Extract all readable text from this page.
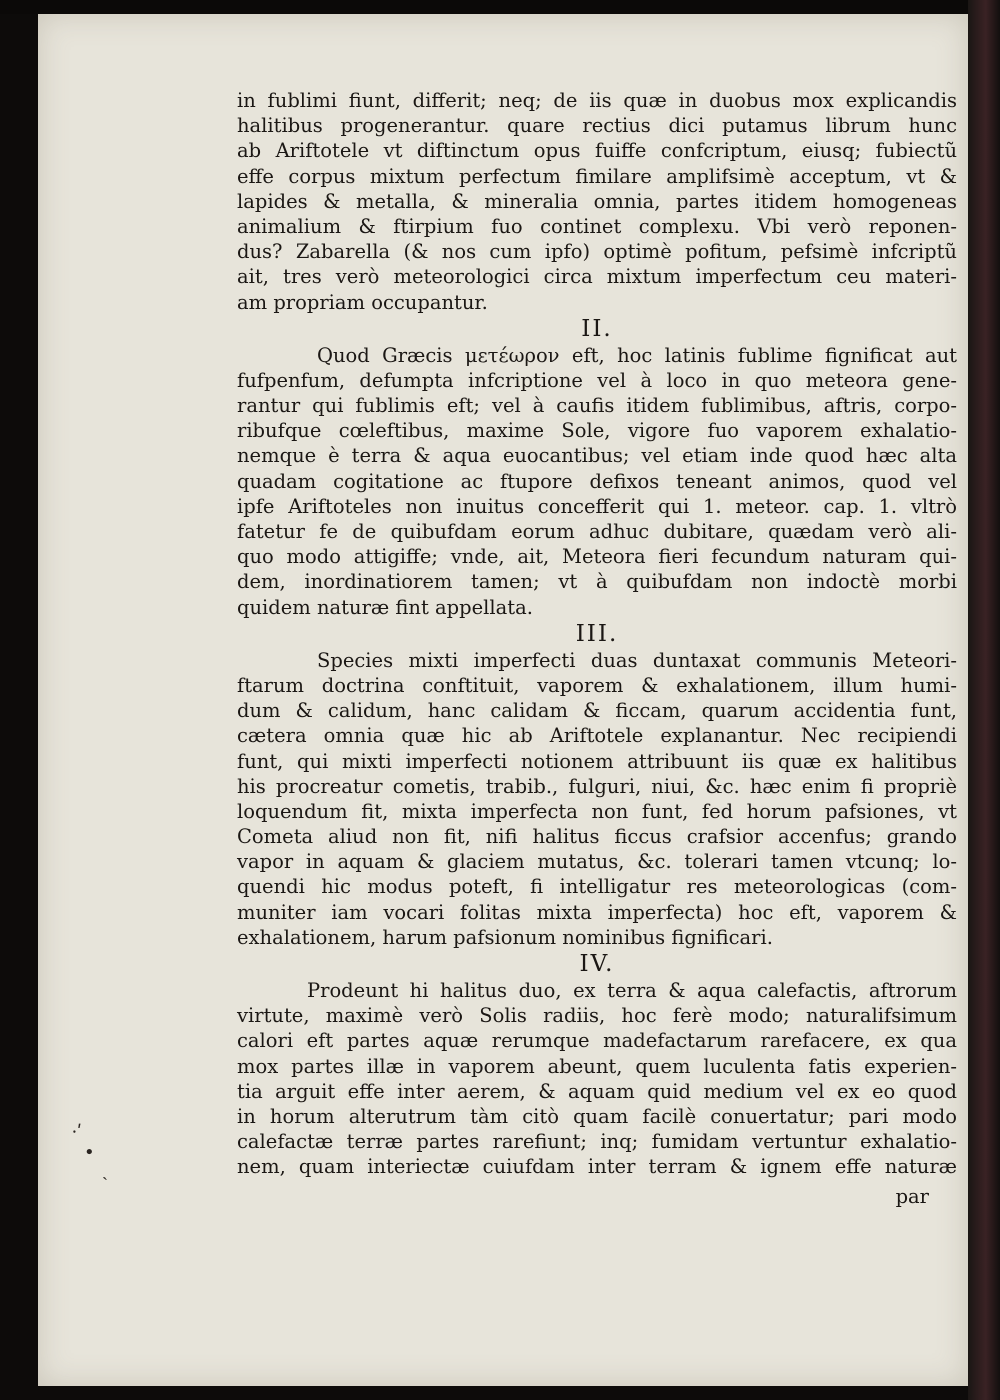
in fublimi fiunt, differit; neq; de iis quæ in duobus mox explicandis
halitibus progenerantur. quare rectius dici putamus librum hunc
ab Ariftotele vt diftinctum opus fuiffe confcriptum, eiusq; fubiectũ
effe corpus mixtum perfectum fimilare amplifsimè acceptum, vt &
lapides & metalla, & mineralia omnia, partes itidem homogeneas
animalium & ftirpium fuo continet complexu. Vbi verò reponen-
dus? Zabarella (& nos cum ipfo) optimè pofitum, pefsimè infcriptũ
ait, tres verò meteorologici circa mixtum imperfectum ceu materi-
am propriam occupantur.
II.
Quod Græcis μετέωρον eft, hoc latinis fublime fignificat aut
fufpenfum, defumpta infcriptione vel à loco in quo meteora gene-
rantur qui fublimis eft; vel à caufis itidem fublimibus, aftris, corpo-
ribufque cœleftibus, maxime Sole, vigore fuo vaporem exhalatio-
nemque è terra & aqua euocantibus; vel etiam inde quod hæc alta
quadam cogitatione ac ftupore defixos teneant animos, quod vel
ipfe Ariftoteles non inuitus concefferit qui 1. meteor. cap. 1. vltrò
fatetur fe de quibufdam eorum adhuc dubitare, quædam verò ali-
quo modo attigiffe; vnde, ait, Meteora fieri fecundum naturam qui-
dem, inordinatiorem tamen; vt à quibufdam non indoctè morbi
quidem naturæ fint appellata.
III.
Species mixti imperfecti duas duntaxat communis Meteori-
ftarum doctrina conftituit, vaporem & exhalationem, illum humi-
dum & calidum, hanc calidam & ficcam, quarum accidentia funt,
cætera omnia quæ hic ab Ariftotele explanantur. Nec recipiendi
funt, qui mixti imperfecti notionem attribuunt iis quæ ex halitibus
his procreatur cometis, trabib., fulguri, niui, &c. hæc enim fi propriè
loquendum fit, mixta imperfecta non funt, fed horum pafsiones, vt
Cometa aliud non fit, nifi halitus ficcus crafsior accenfus; grando
vapor in aquam & glaciem mutatus, &c. tolerari tamen vtcunq; lo-
quendi hic modus poteft, fi intelligatur res meteorologicas (com-
muniter iam vocari folitas mixta imperfecta) hoc eft, vaporem &
exhalationem, harum pafsionum nominibus fignificari.
IV.
Prodeunt hi halitus duo, ex terra & aqua calefactis, aftrorum
virtute, maximè verò Solis radiis, hoc ferè modo; naturalifsimum
calori eft partes aquæ rerumque madefactarum rarefacere, ex qua
mox partes illæ in vaporem abeunt, quem luculenta fatis experien-
tia arguit effe inter aerem, & aquam quid medium vel ex eo quod
in horum alterutrum tàm citò quam facilè conuertatur; pari modo
calefactæ terræ partes rarefiunt; inq; fumidam vertuntur exhalatio-
nem, quam interiectæ cuiufdam inter terram & ignem effe naturæ
par
⸱ʹ
•
ˎ
